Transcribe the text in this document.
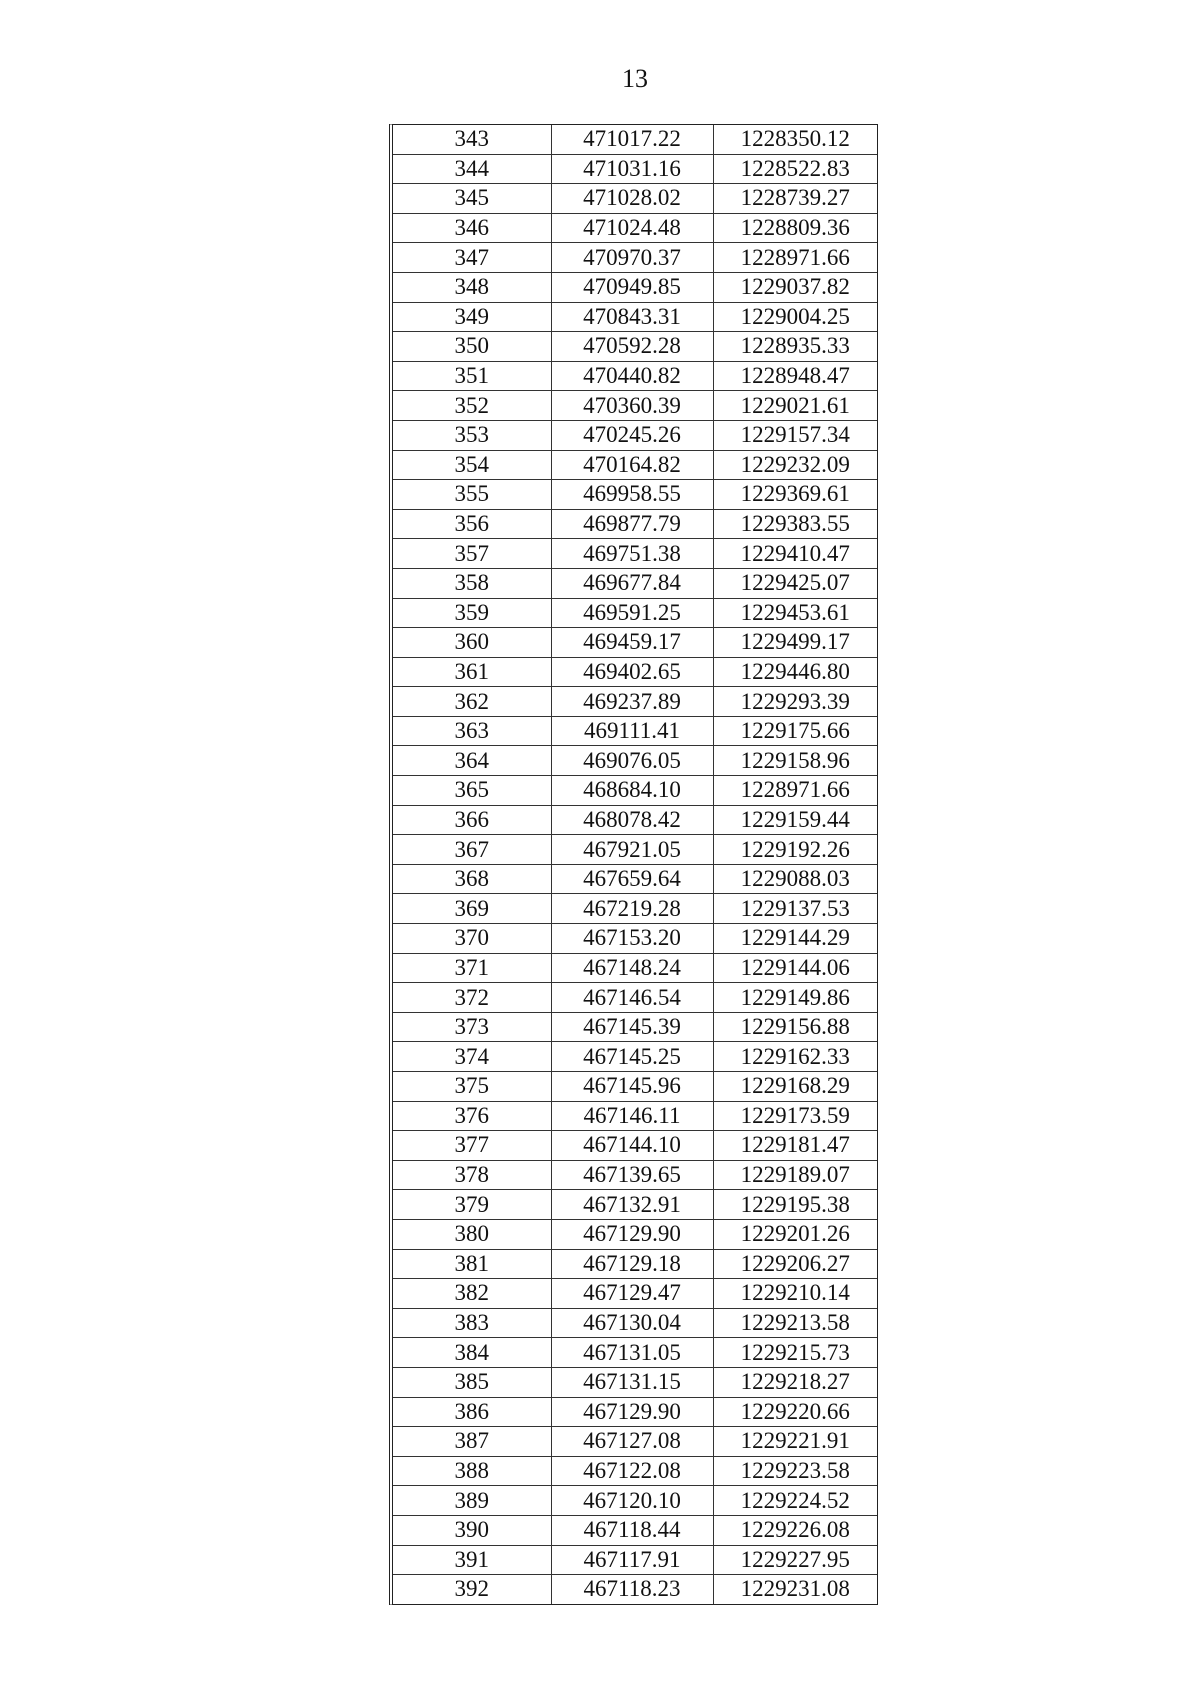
13
343	471017.22	1228350.12
344	471031.16	1228522.83
345	471028.02	1228739.27
346	471024.48	1228809.36
347	470970.37	1228971.66
348	470949.85	1229037.82
349	470843.31	1229004.25
350	470592.28	1228935.33
351	470440.82	1228948.47
352	470360.39	1229021.61
353	470245.26	1229157.34
354	470164.82	1229232.09
355	469958.55	1229369.61
356	469877.79	1229383.55
357	469751.38	1229410.47
358	469677.84	1229425.07
359	469591.25	1229453.61
360	469459.17	1229499.17
361	469402.65	1229446.80
362	469237.89	1229293.39
363	469111.41	1229175.66
364	469076.05	1229158.96
365	468684.10	1228971.66
366	468078.42	1229159.44
367	467921.05	1229192.26
368	467659.64	1229088.03
369	467219.28	1229137.53
370	467153.20	1229144.29
371	467148.24	1229144.06
372	467146.54	1229149.86
373	467145.39	1229156.88
374	467145.25	1229162.33
375	467145.96	1229168.29
376	467146.11	1229173.59
377	467144.10	1229181.47
378	467139.65	1229189.07
379	467132.91	1229195.38
380	467129.90	1229201.26
381	467129.18	1229206.27
382	467129.47	1229210.14
383	467130.04	1229213.58
384	467131.05	1229215.73
385	467131.15	1229218.27
386	467129.90	1229220.66
387	467127.08	1229221.91
388	467122.08	1229223.58
389	467120.10	1229224.52
390	467118.44	1229226.08
391	467117.91	1229227.95
392	467118.23	1229231.08
